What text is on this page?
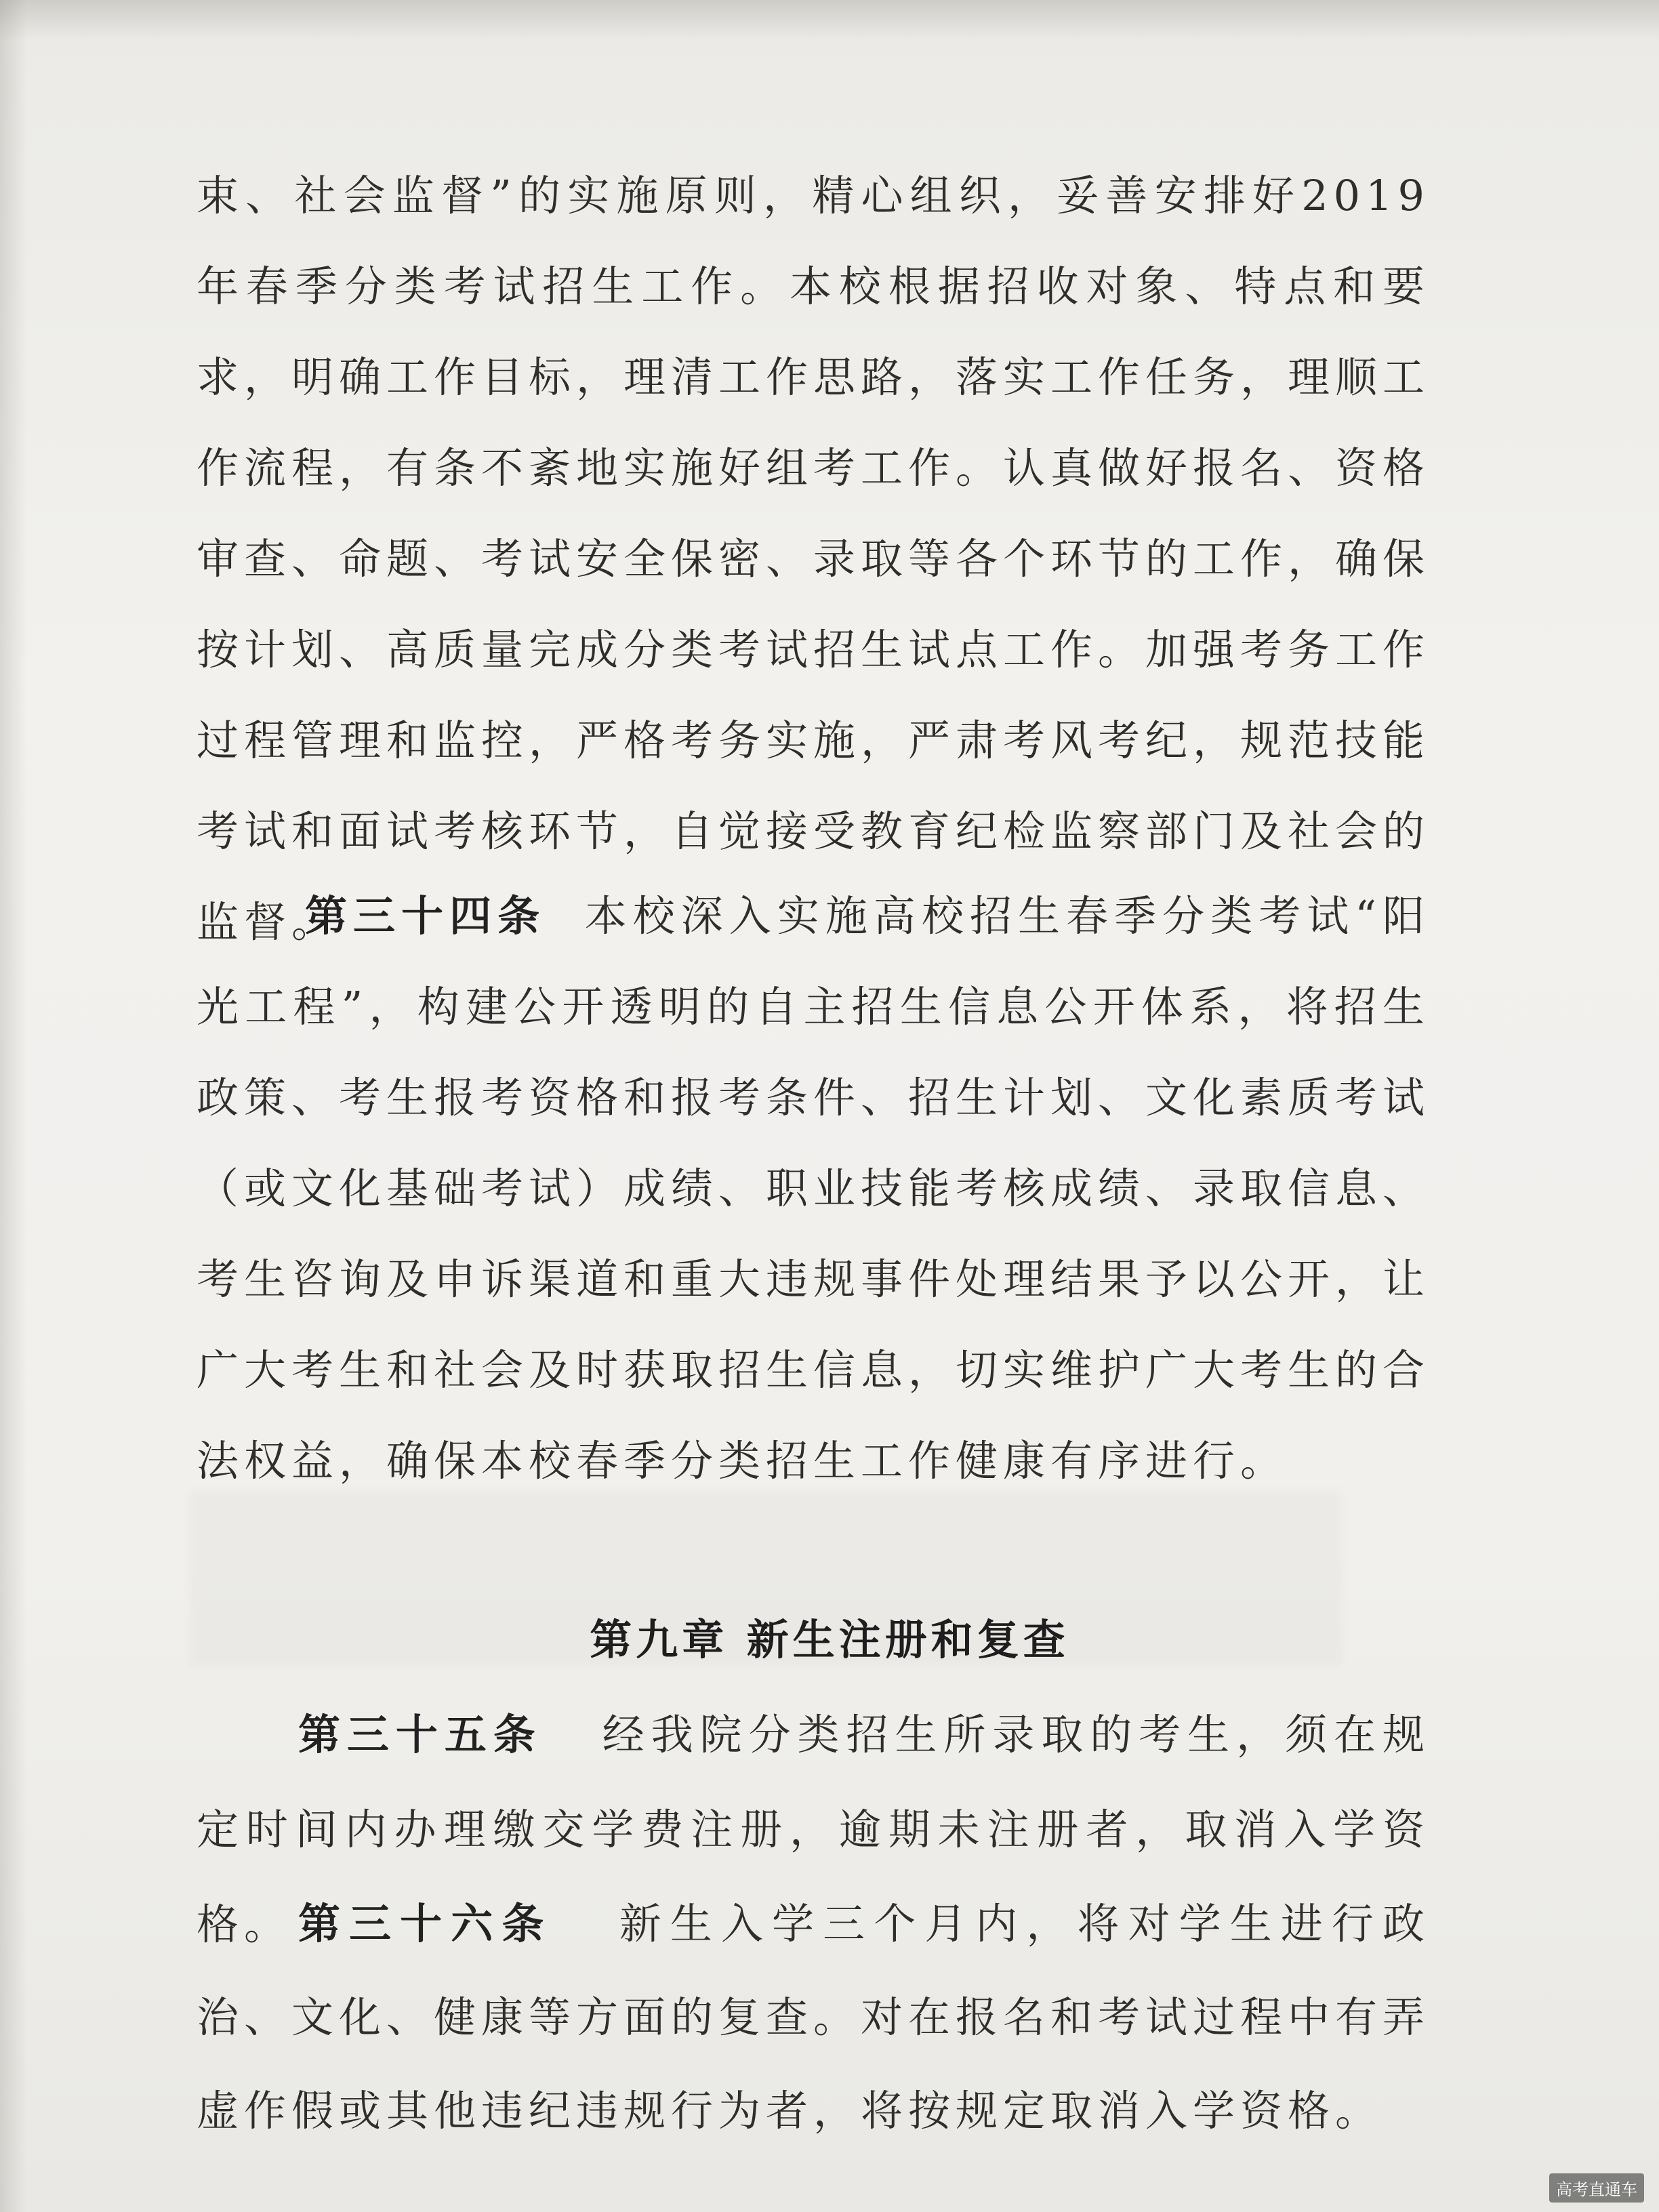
束、社会监督”的实施原则，精心组织，妥善安排好2019年春季分类考试招生工作。本校根据招收对象、特点和要求，明确工作目标，理清工作思路，落实工作任务，理顺工作流程，有条不紊地实施好组考工作。认真做好报名、资格审查、命题、考试安全保密、录取等各个环节的工作，确保按计划、高质量完成分类考试招生试点工作。加强考务工作过程管理和监控，严格考务实施，严肃考风考纪，规范技能考试和面试考核环节，自觉接受教育纪检监察部门及社会的监督。
第三十四条 本校深入实施高校招生春季分类考试“阳光工程”，构建公开透明的自主招生信息公开体系，将招生政策、考生报考资格和报考条件、招生计划、文化素质考试（或文化基础考试）成绩、职业技能考核成绩、录取信息、考生咨询及申诉渠道和重大违规事件处理结果予以公开，让广大考生和社会及时获取招生信息，切实维护广大考生的合法权益，确保本校春季分类招生工作健康有序进行。
第九章 新生注册和复查
第三十五条 经我院分类招生所录取的考生，须在规定时间内办理缴交学费注册，逾期未注册者，取消入学资格。 第三十六条 新生入学三个月内，将对学生进行政治、文化、健康等方面的复查。对在报名和考试过程中有弄虚作假或其他违纪违规行为者，将按规定取消入学资格。
高考直通车
